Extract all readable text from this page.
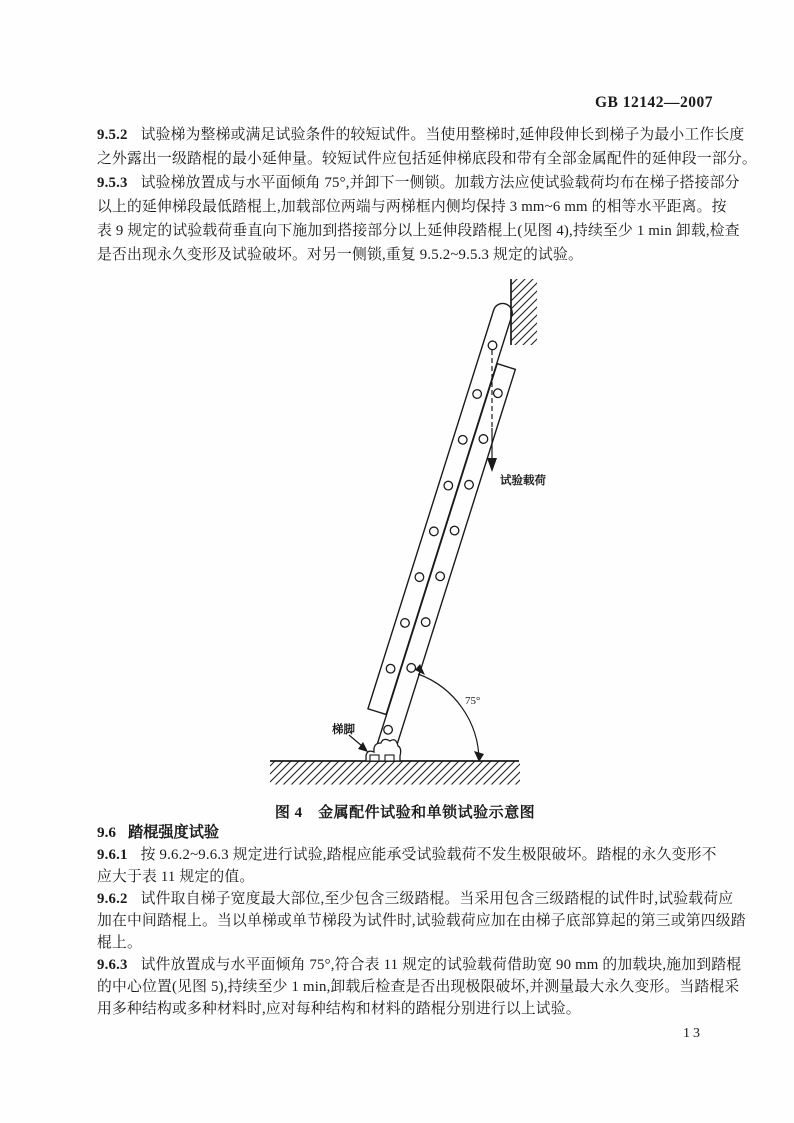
GB 12142—2007
9.5.2 试验梯为整梯或满足试验条件的较短试件。当使用整梯时,延伸段伸长到梯子为最小工作长度
之外露出一级踏棍的最小延伸量。较短试件应包括延伸梯底段和带有全部金属配件的延伸段一部分。
9.5.3 试验梯放置成与水平面倾角 75°,并卸下一侧锁。加载方法应使试验载荷均布在梯子搭接部分
以上的延伸梯段最低踏棍上,加载部位两端与两梯框内侧均保持 3 mm~6 mm 的相等水平距离。按
表 9 规定的试验载荷垂直向下施加到搭接部分以上延伸段踏棍上(见图 4),持续至少 1 min 卸载,检查
是否出现永久变形及试验破坏。对另一侧锁,重复 9.5.2~9.5.3 规定的试验。
75°
试验载荷
梯脚
图 4　金属配件试验和单锁试验示意图
9.6 踏棍强度试验
9.6.1 按 9.6.2~9.6.3 规定进行试验,踏棍应能承受试验载荷不发生极限破坏。踏棍的永久变形不
应大于表 11 规定的值。
9.6.2 试件取自梯子宽度最大部位,至少包含三级踏棍。当采用包含三级踏棍的试件时,试验载荷应
加在中间踏棍上。当以单梯或单节梯段为试件时,试验载荷应加在由梯子底部算起的第三或第四级踏
棍上。
9.6.3 试件放置成与水平面倾角 75°,符合表 11 规定的试验载荷借助宽 90 mm 的加载块,施加到踏棍
的中心位置(见图 5),持续至少 1 min,卸载后检查是否出现极限破坏,并测量最大永久变形。当踏棍采
用多种结构或多种材料时,应对每种结构和材料的踏棍分别进行以上试验。
13
